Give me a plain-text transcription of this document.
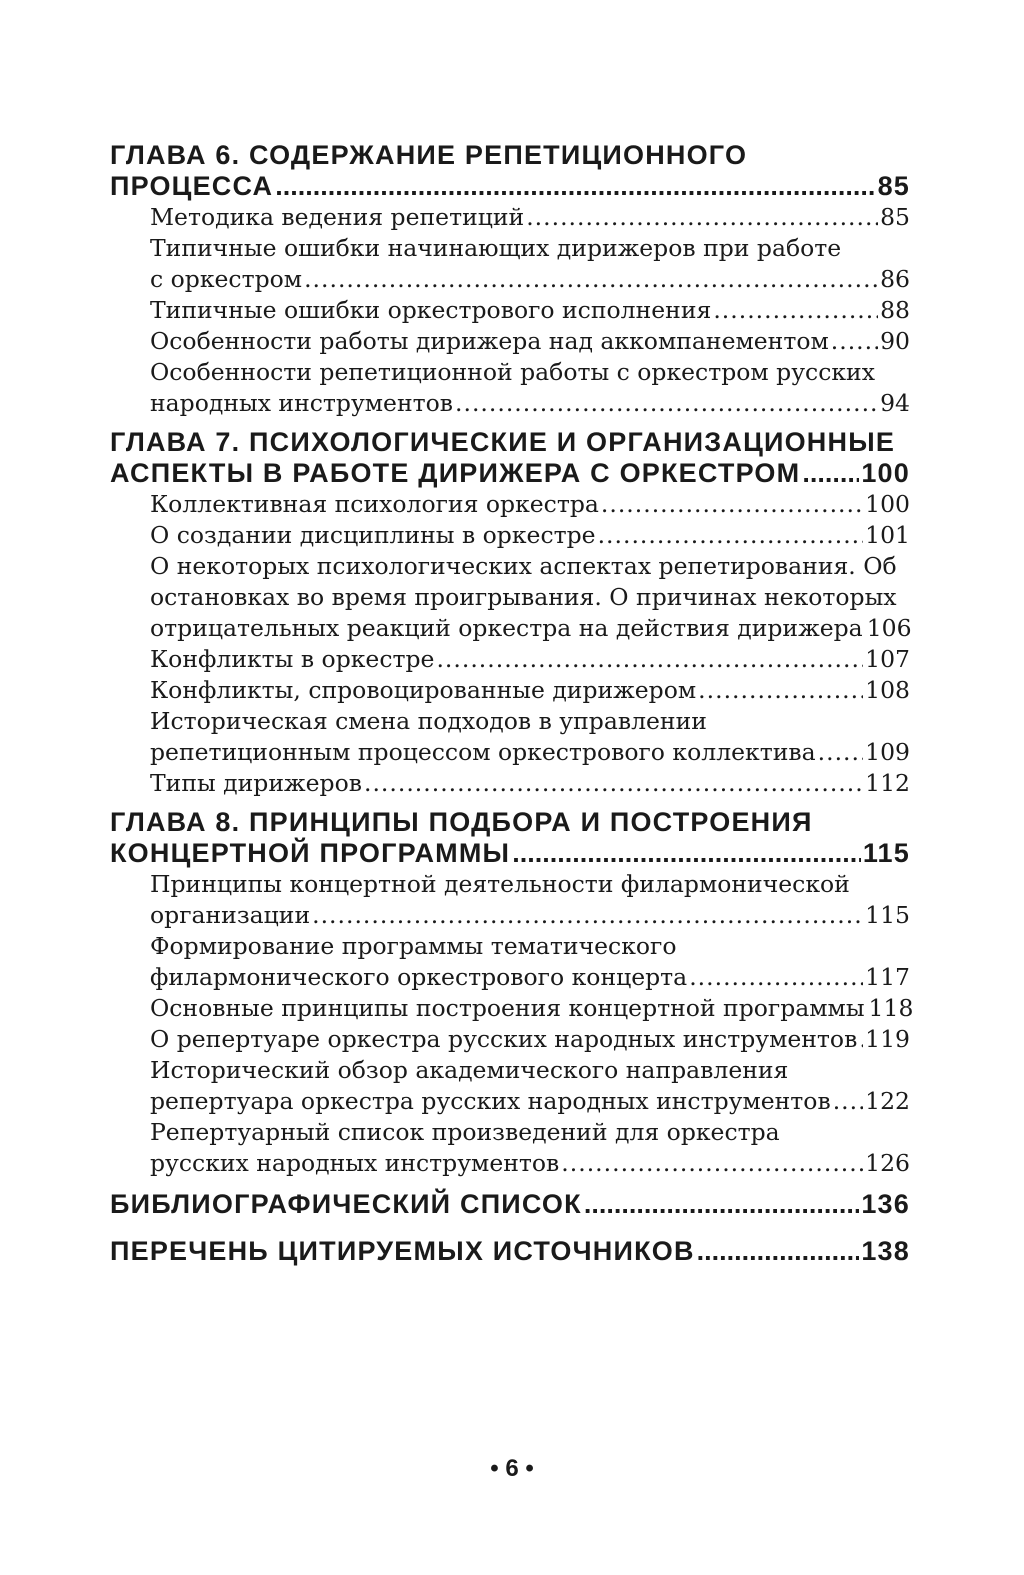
ГЛАВА 6. СОДЕРЖАНИЕ РЕПЕТИЦИОННОГО
ПРОЦЕССА .....	85
Методика ведения репетиций .....	85
Типичные ошибки начинающих дирижеров при работе
с оркестром .....	86
Типичные ошибки оркестрового исполнения .....	88
Особенности работы дирижера над аккомпанементом ..... 90
Особенности репетиционной работы с оркестром русских
народных инструментов .....	94
ГЛАВА 7. ПСИХОЛОГИЧЕСКИЕ И ОРГАНИЗАЦИОННЫЕ
АСПЕКТЫ В РАБОТЕ ДИРИЖЕРА С ОРКЕСТРОМ ..... 100
Коллективная психология оркестра .....	100
О создании дисциплины в оркестре .....	101
О некоторых психологических аспектах репетирования. Об
остановках во время проигрывания. О причинах некоторых
отрицательных реакций оркестра на действия дирижера 106
Конфликты в оркестре .....	107
Конфликты, спровоцированные дирижером .....	108
Историческая смена подходов в управлении
репетиционным процессом оркестрового коллектива ..... 109
Типы дирижеров .....	112
ГЛАВА 8. ПРИНЦИПЫ ПОДБОРА И ПОСТРОЕНИЯ
КОНЦЕРТНОЙ ПРОГРАММЫ .....	115
Принципы концертной деятельности филармонической
организации .....	115
Формирование программы тематического
филармонического оркестрового концерта .....	117
Основные принципы построения концертной программы 118
О репертуаре оркестра русских народных инструментов ..... 119
Исторический обзор академического направления
репертуара оркестра русских народных инструментов ..... 122
Репертуарный список произведений для оркестра
русских народных инструментов .....	126
БИБЛИОГРАФИЧЕСКИЙ СПИСОК .....	136
ПЕРЕЧЕНЬ ЦИТИРУЕМЫХ ИСТОЧНИКОВ .....	138
• 6 •
